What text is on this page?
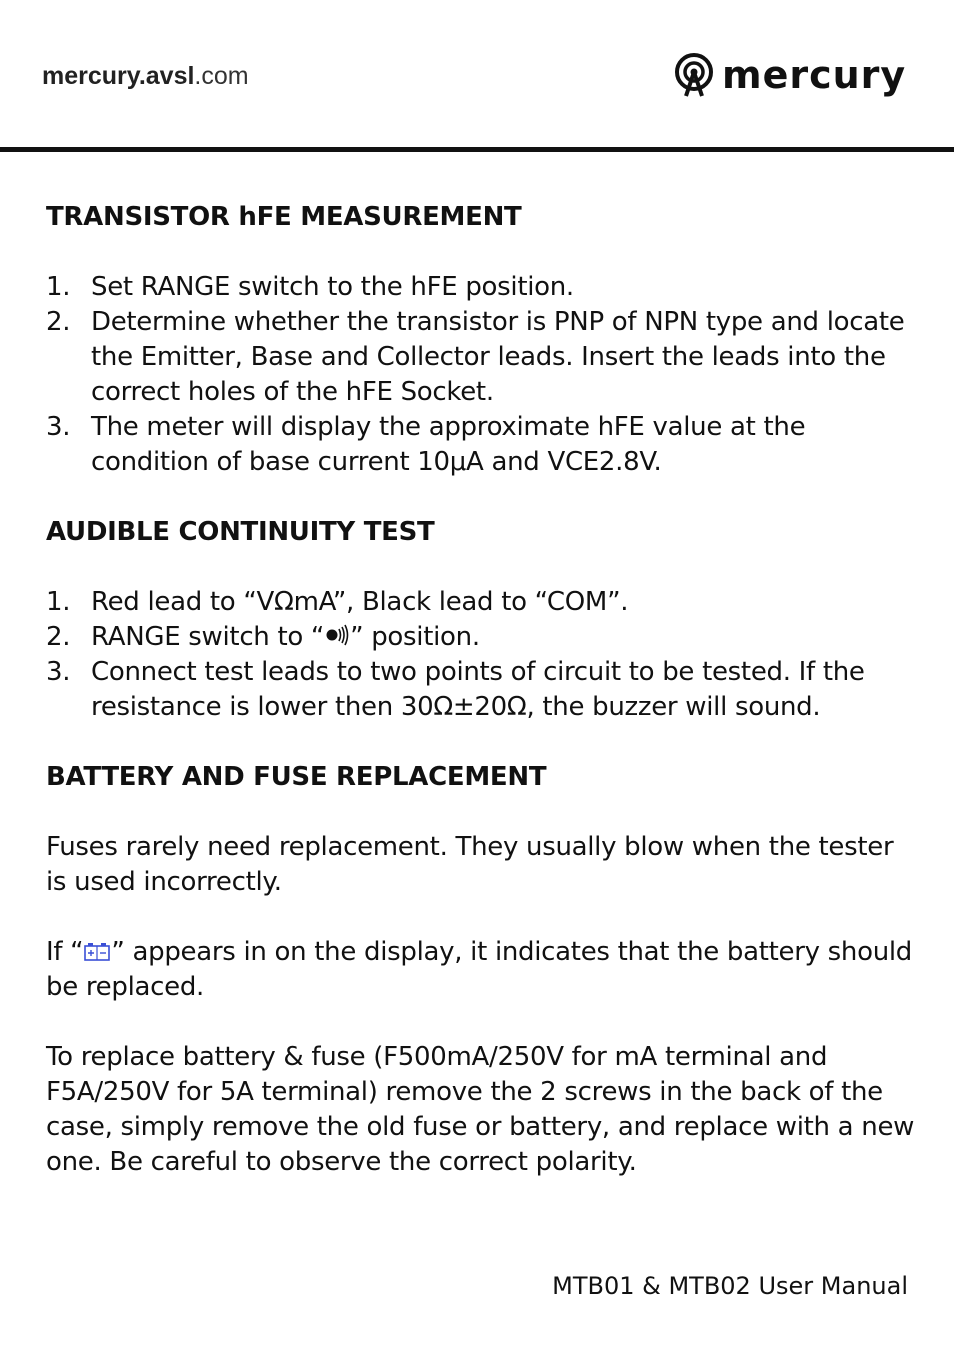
mercury.avsl.com	mercury
TRANSISTOR hFE MEASUREMENT
1. Set RANGE switch to the hFE position.
2. Determine whether the transistor is PNP of NPN type and locate the Emitter, Base and Collector leads. Insert the leads into the correct holes of the hFE Socket.
3. The meter will display the approximate hFE value at the condition of base current 10μA and VCE2.8V.
AUDIBLE CONTINUITY TEST
1. Red lead to “VΩmA”, Black lead to “COM”.
2. RANGE switch to “ ” position.
3. Connect test leads to two points of circuit to be tested. If the resistance is lower then 30Ω±20Ω, the buzzer will sound.
BATTERY AND FUSE REPLACEMENT

Fuses rarely need replacement. They usually blow when the tester is used incorrectly.

If “ ” appears in on the display, it indicates that the battery should be replaced.

To replace battery & fuse (F500mA/250V for mA terminal and F5A/250V for 5A terminal) remove the 2 screws in the back of the case, simply remove the old fuse or battery, and replace with a new one. Be careful to observe the correct polarity.

MTB01 & MTB02 User Manual
